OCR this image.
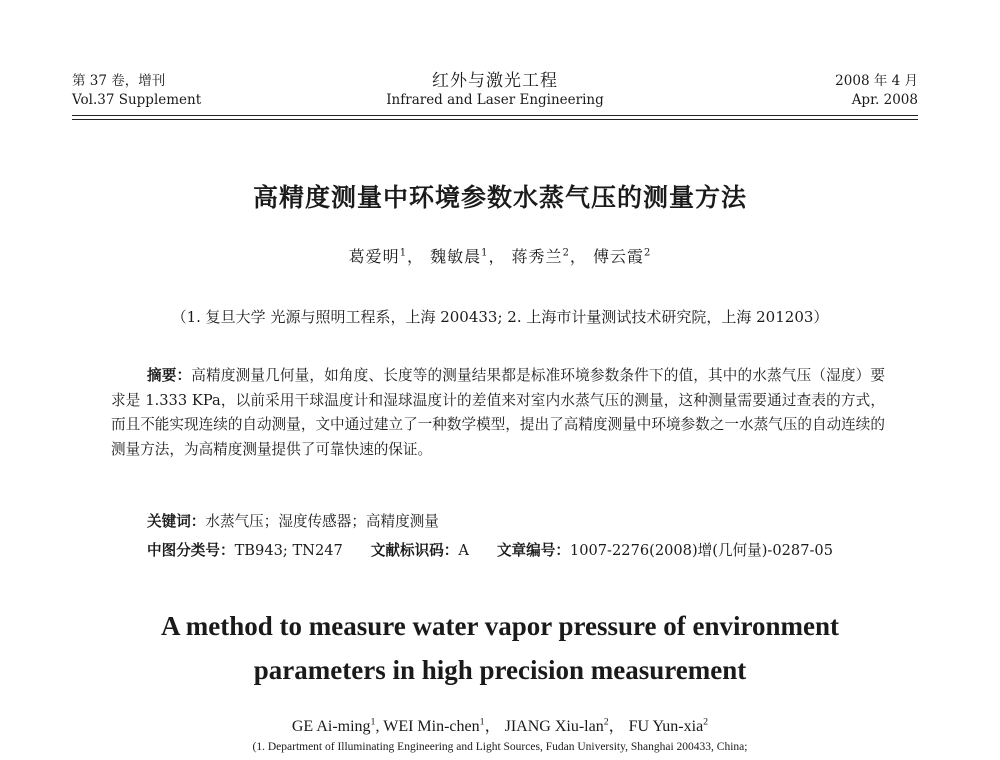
第 37 卷，增刊
Vol.37 Supplement
红外与激光工程
Infrared and Laser Engineering
2008 年 4 月
Apr. 2008
高精度测量中环境参数水蒸气压的测量方法
葛爱明$^1$， 魏敏晨$^1$， 蒋秀兰$^2$， 傅云霞$^2$
（1. 复旦大学 光源与照明工程系，上海 200433; 2. 上海市计量测试技术研究院，上海 201203）
摘要：高精度测量几何量，如角度、长度等的测量结果都是标准环境参数条件下的值，其中的水蒸气压（湿度）要求是 1.333 KPa，以前采用干球温度计和湿球温度计的差值来对室内水蒸气压的测量，这种测量需要通过查表的方式，而且不能实现连续的自动测量，文中通过建立了一种数学模型，提出了高精度测量中环境参数之一水蒸气压的自动连续的测量方法，为高精度测量提供了可靠快速的保证。
关键词：水蒸气压；湿度传感器；高精度测量
中图分类号：TB943; TN247 文献标识码：A 文章编号：1007-2276(2008)增(几何量)-0287-05
A method to measure water vapor pressure of environment
parameters in high precision measurement
GE Ai-ming$^1$, WEI Min-chen$^1$， JIANG Xiu-lan$^2$， FU Yun-xia$^2$
(1. Department of Illuminating Engineering and Light Sources, Fudan University, Shanghai 200433, China;
